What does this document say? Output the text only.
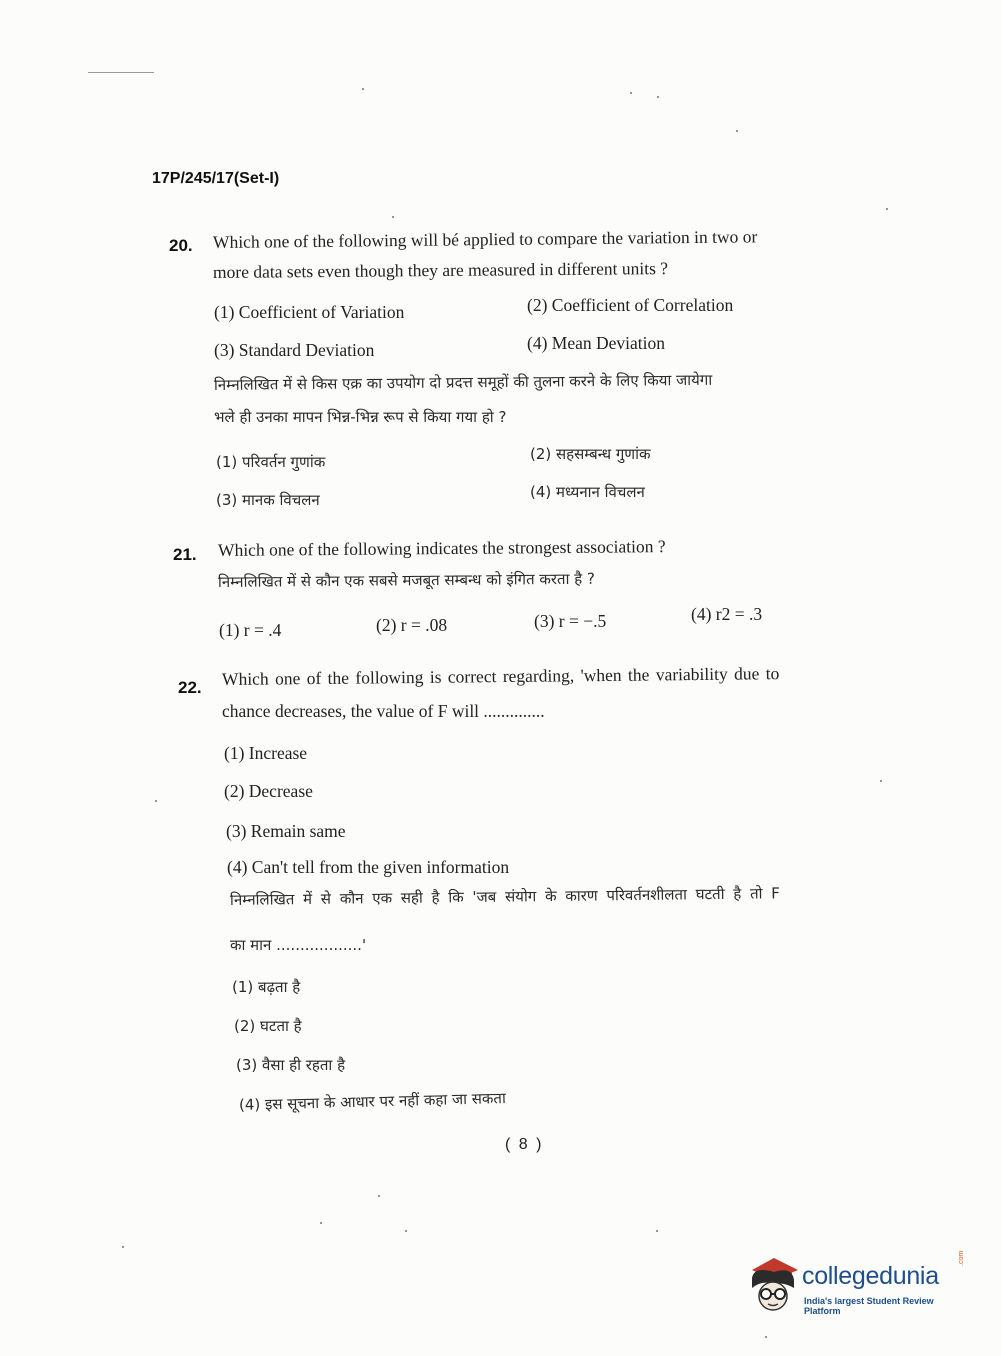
17P/245/17(Set-I)
20. Which one of the following will bé applied to compare the variation in two or
more data sets even though they are measured in different units ?
(1) Coefficient of Variation	(2) Coefficient of Correlation
(3) Standard Deviation	(4) Mean Deviation
निम्नलिखित में से किस एक्र का उपयोग दो प्रदत्त समूहों की तुलना करने के लिए किया जायेगा
भले ही उनका मापन भिन्न-भिन्न रूप से किया गया हो ?
(1) परिवर्तन गुणांक	(2) सहसम्बन्ध गुणांक
(3) मानक विचलन	(4) मध्यनान विचलन
21. Which one of the following indicates the strongest association ?
निम्नलिखित में से कौन एक सबसे मजबूत सम्बन्ध को इंगित करता है ?
(1) r = .4	(2) r = .08	(3) r = −.5	(4) r2 = .3
22. Which one of the following is correct regarding, 'when the variability due to
chance decreases, the value of F will ..............
(1) Increase
(2) Decrease
(3) Remain same
(4) Can't tell from the given information
निम्नलिखित में से कौन एक सही है कि 'जब संयोग के कारण परिवर्तनशीलता घटती है तो F
का मान ..................'
(1) बढ़ता है
(2) घटता है
(3) वैसा ही रहता है
(4) इस सूचना के आधार पर नहीं कहा जा सकता
( 8 )
collegedunia
.com
India's largest Student Review Platform
